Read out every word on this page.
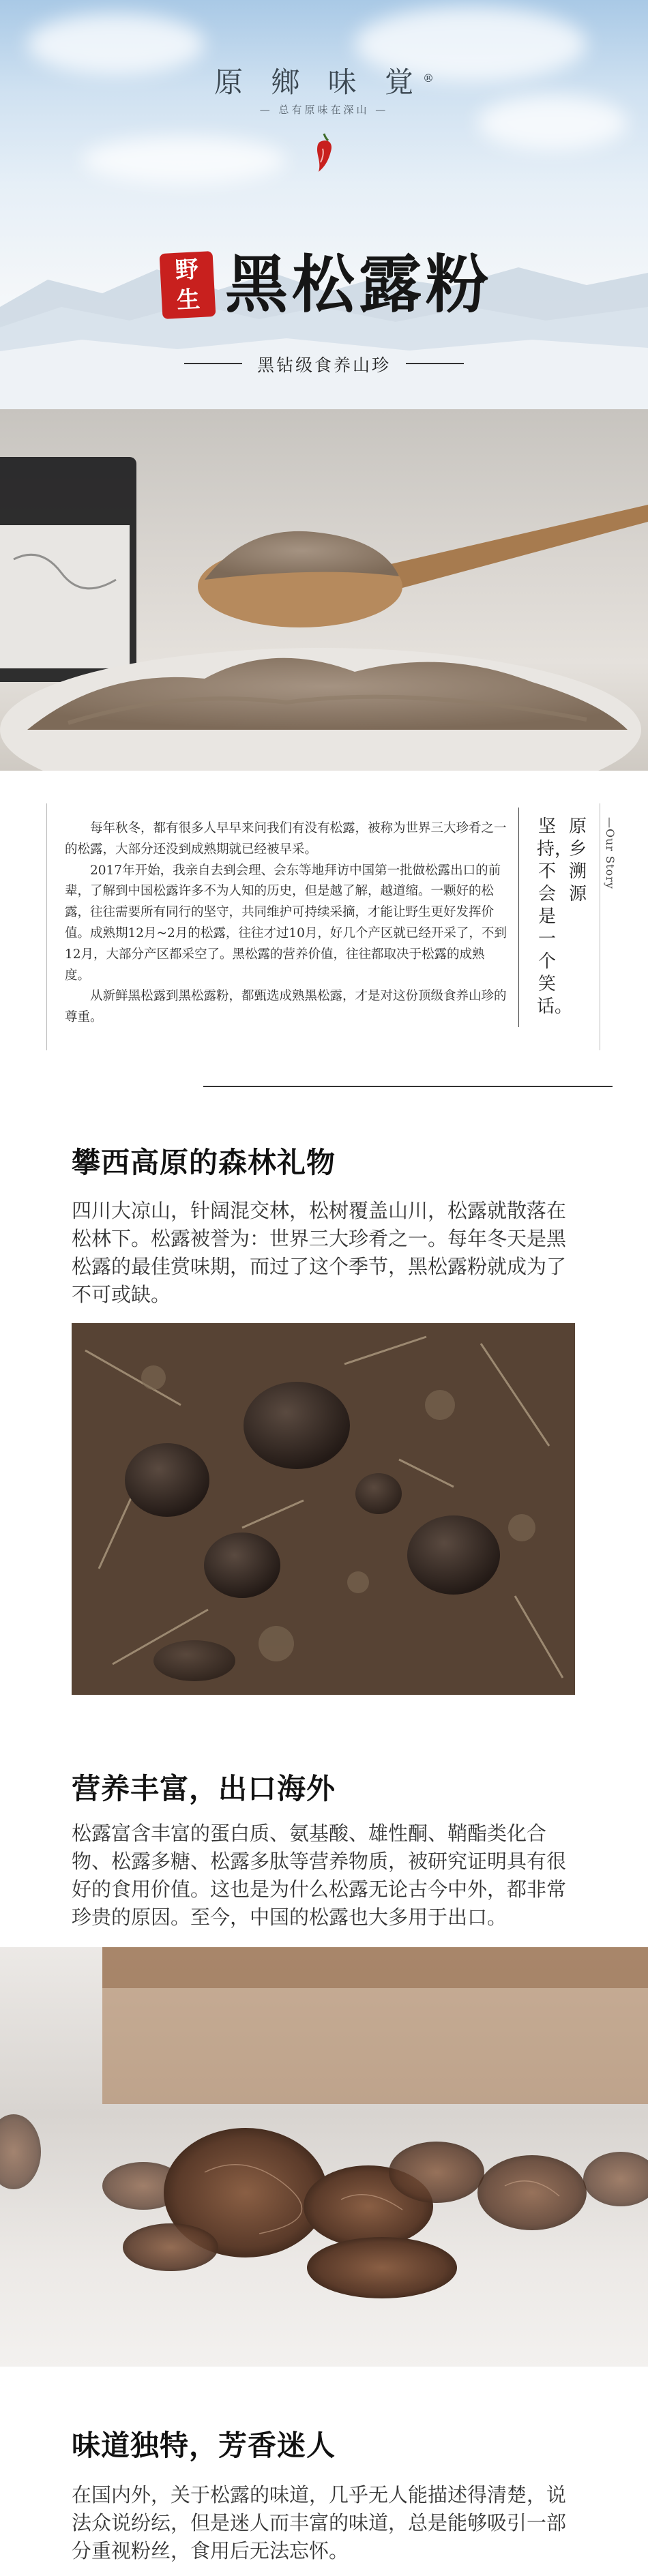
原 鄉 味 覚®
— 总有原味在深山 —
野
生 黑松露粉
黑钻级食养山珍

每年秋冬，都有很多人早早来问我们有没有松露，被称为世界三大珍肴之一的松露，大部分还没到成熟期就已经被早采。

2017年开始，我亲自去到会理、会东等地拜访中国第一批做松露出口的前辈，了解到中国松露许多不为人知的历史，但是越了解，越道缩。一颗好的松露，往往需要所有同行的坚守，共同维护可持续采摘，才能让野生更好发挥价值。成熟期12月~2月的松露，往往才过10月，好几个产区就已经开采了，不到12月，大部分产区都采空了。黑松露的营养价值，往往都取决于松露的成熟度。

从新鲜黑松露到黑松露粉，都甄选成熟黑松露，才是对这份顶级食养山珍的尊重。

原乡溯源
坚持，不会是一个笑话。
—Our Story
攀西高原的森林礼物
四川大凉山，针阔混交林，松树覆盖山川，松露就散落在松林下。松露被誉为：世界三大珍肴之一。每年冬天是黑松露的最佳赏味期，而过了这个季节，黑松露粉就成为了不可或缺。
营养丰富，出口海外
松露富含丰富的蛋白质、氨基酸、雄性酮、鞘酯类化合物、松露多糖、松露多肽等营养物质，被研究证明具有很好的食用价值。这也是为什么松露无论古今中外，都非常珍贵的原因。至今，中国的松露也大多用于出口。
味道独特，芳香迷人
在国内外，关于松露的味道，几乎无人能描述得清楚，说法众说纷纭，但是迷人而丰富的味道，总是能够吸引一部分重视粉丝，食用后无法忘怀。
